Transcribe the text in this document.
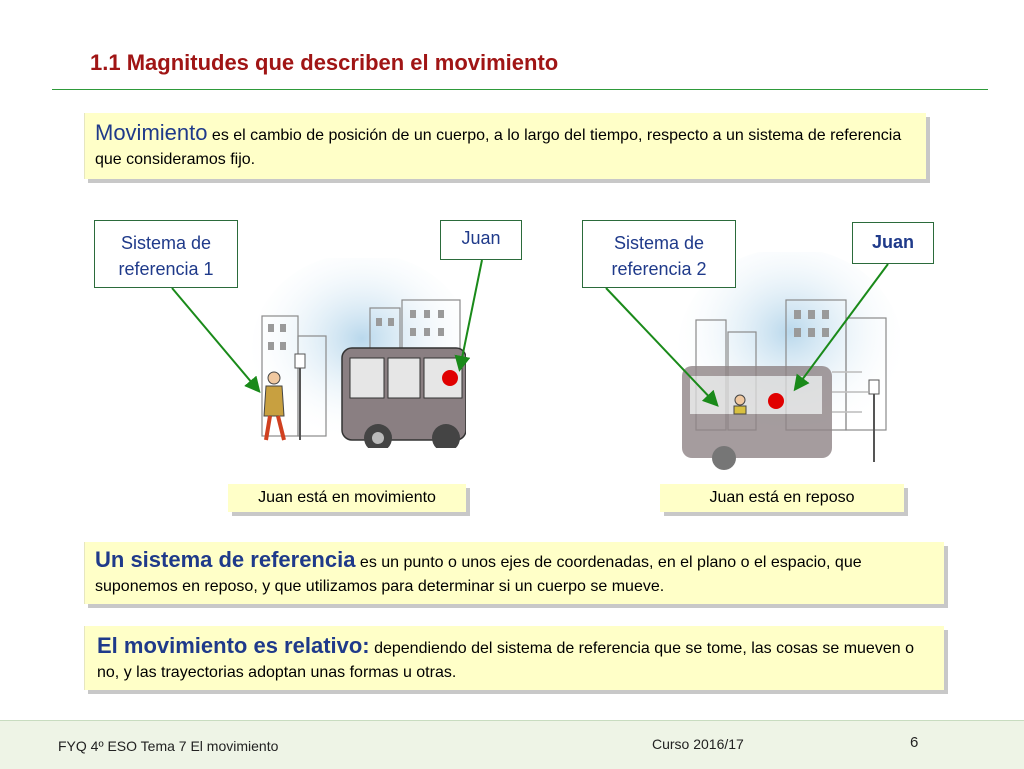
1.1 Magnitudes que describen el movimiento
Movimiento es el cambio de posición de un cuerpo, a lo largo del tiempo, respecto a un sistema de referencia que consideramos fijo.
Sistema de referencia 1
Juan	Sistema de referencia 2
Juan
Juan está en movimiento	Juan está en reposo
Un sistema de referencia es un punto o unos ejes de coordenadas, en el plano o el espacio, que suponemos en reposo, y que utilizamos para determinar si un cuerpo se mueve.
El movimiento es relativo: dependiendo del sistema de referencia que se tome, las cosas se mueven o no, y las trayectorias adoptan unas formas u otras.
FYQ 4º ESO Tema 7 El movimiento	Curso 2016/17	6
